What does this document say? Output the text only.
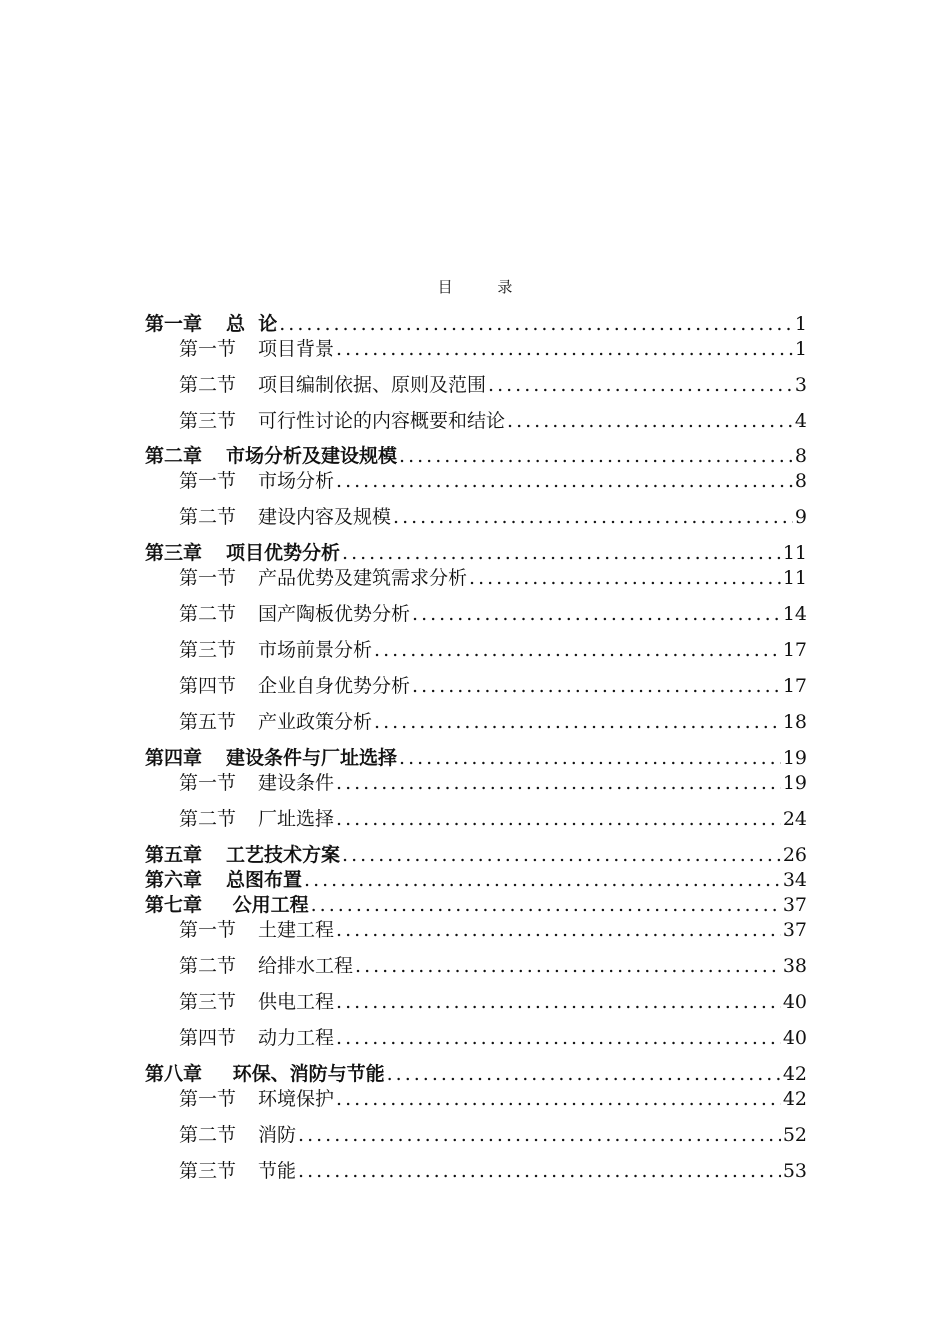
目 录
第一章 总  论 .....	1
第一节 项目背景 .....	1
第二节 项目编制依据、原则及范围 .....	3
第三节 可行性讨论的内容概要和结论 .....	4
第二章 市场分析及建设规模 .....	8
第一节 市场分析 .....	8
第二节 建设内容及规模 .....	9
第三章 项目优势分析 .....	11
第一节 产品优势及建筑需求分析 .....	11
第二节 国产陶板优势分析 .....	14
第三节 市场前景分析 .....	17
第四节 企业自身优势分析 .....	17
第五节 产业政策分析 .....	18
第四章 建设条件与厂址选择 .....	19
第一节 建设条件 .....	19
第二节 厂址选择 .....	24
第五章 工艺技术方案 .....	26
第六章 总图布置 .....	34
第七章 公用工程 .....	37
第一节 土建工程 .....	37
第二节 给排水工程 .....	38
第三节 供电工程 .....	40
第四节 动力工程 .....	40
第八章 环保、消防与节能 .....	42
第一节 环境保护 .....	42
第二节 消防 .....	52
第三节 节能 .....	53
